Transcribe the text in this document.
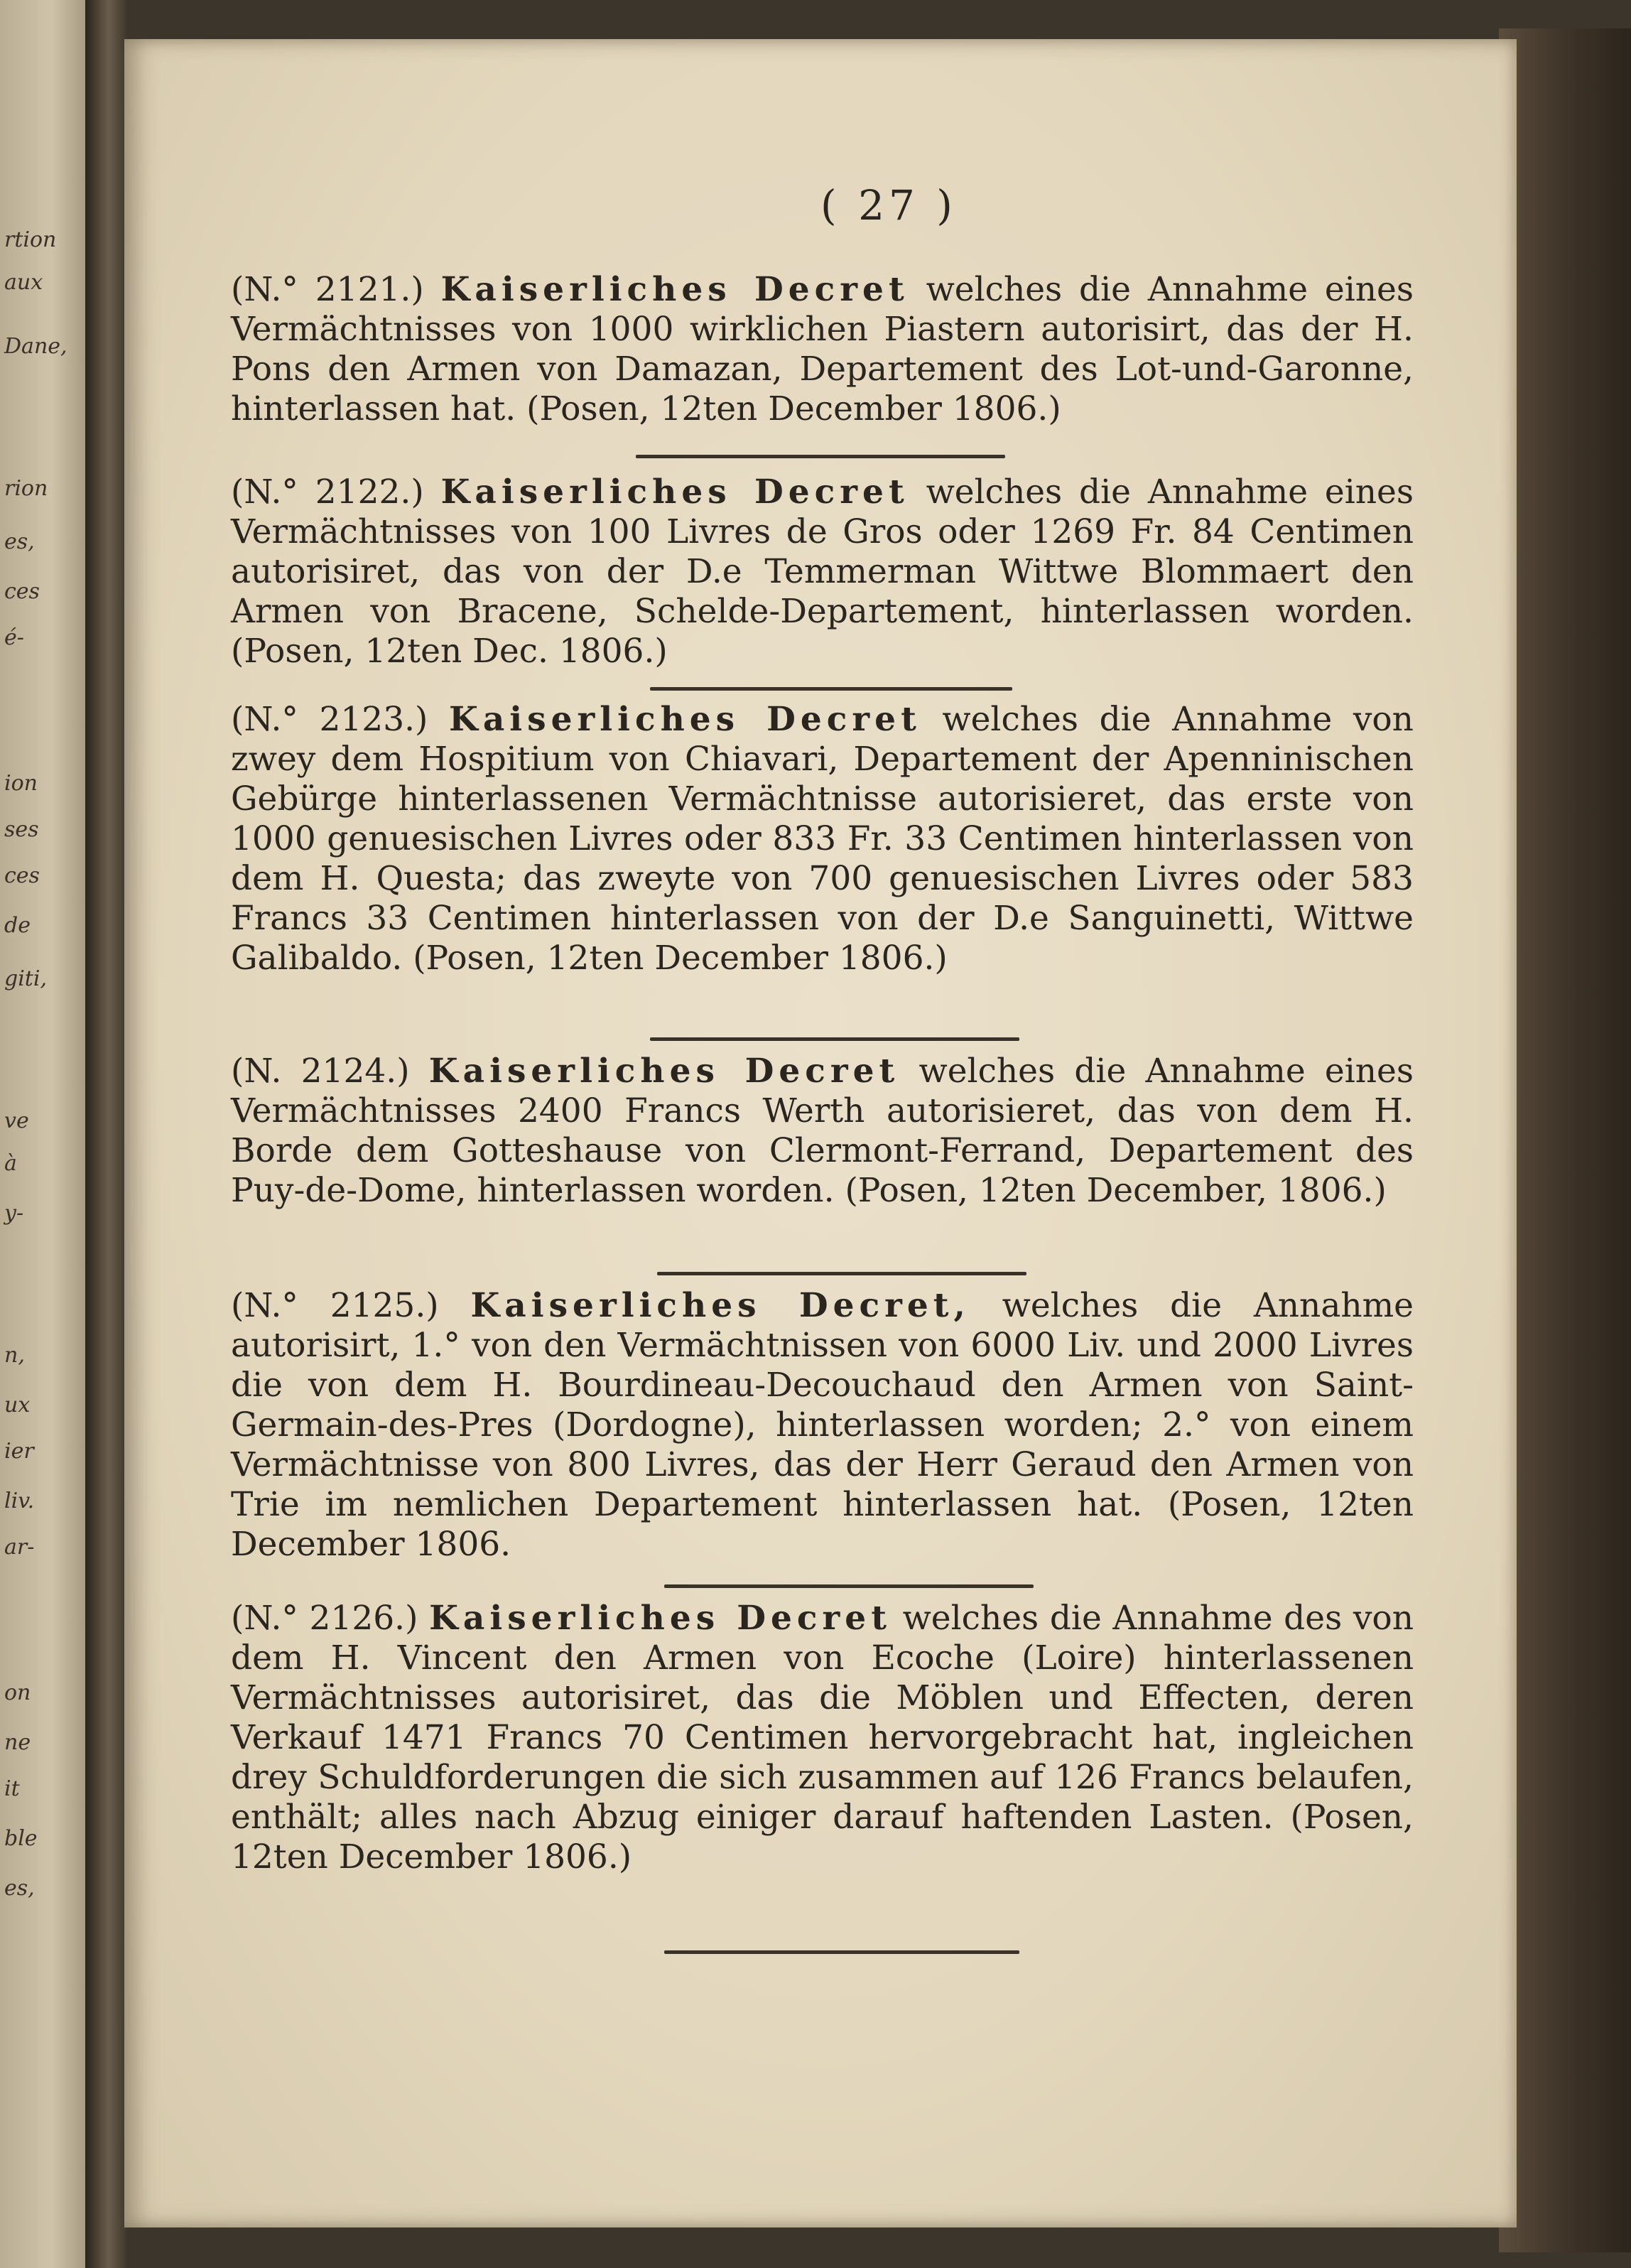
rtion
aux
Dane,
rion
es,
ces
é-
ion
ses
ces
de
giti,
ve
à
y-
n,
ux
ier
liv.
ar-
on
ne
it
ble
es,
( 27 )

(N.° 2121.) Kaiserliches Decret welches die Annahme eines Vermächtnisses von 1000 wirklichen Piastern autorisirt, das der H. Pons den Armen von Damazan, Departement des Lot-und-Garonne, hinterlassen hat. (Posen, 12ten December 1806.)

(N.° 2122.) Kaiserliches Decret welches die Annahme eines Vermächtnisses von 100 Livres de Gros oder 1269 Fr. 84 Centimen autorisiret, das von der D.e Temmerman Wittwe Blommaert den Armen von Bracene, Schelde-Departement, hinterlassen worden. (Posen, 12ten Dec. 1806.)

(N.° 2123.) Kaiserliches Decret welches die Annahme von zwey dem Hospitium von Chiavari, Departement der Apenninischen Gebürge hinterlassenen Vermächtnisse autorisieret, das erste von 1000 genuesischen Livres oder 833 Fr. 33 Centimen hinterlassen von dem H. Questa; das zweyte von 700 genuesischen Livres oder 583 Francs 33 Centimen hinterlassen von der D.e Sanguinetti, Wittwe Galibaldo. (Posen, 12ten December 1806.)

(N. 2124.) Kaiserliches Decret welches die Annahme eines Vermächtnisses 2400 Francs Werth autorisieret, das von dem H. Borde dem Gotteshause von Clermont-Ferrand, Departement des Puy-de-Dome, hinterlassen worden. (Posen, 12ten December, 1806.)

(N.° 2125.) Kaiserliches Decret, welches die Annahme autorisirt, 1.° von den Vermächtnissen von 6000 Liv. und 2000 Livres die von dem H. Bourdineau-Decouchaud den Armen von Saint-Germain-des-Pres (Dordogne), hinterlassen worden; 2.° von einem Vermächtnisse von 800 Livres, das der Herr Geraud den Armen von Trie im nemlichen Departement hinterlassen hat. (Posen, 12ten December 1806.

(N.° 2126.) Kaiserliches Decret welches die Annahme des von dem H. Vincent den Armen von Ecoche (Loire) hinterlassenen Vermächtnisses autorisiret, das die Möblen und Effecten, deren Verkauf 1471 Francs 70 Centimen hervorgebracht hat, ingleichen drey Schuldforderungen die sich zusammen auf 126 Francs belaufen, enthält; alles nach Abzug einiger darauf haftenden Lasten. (Posen, 12ten December 1806.)
